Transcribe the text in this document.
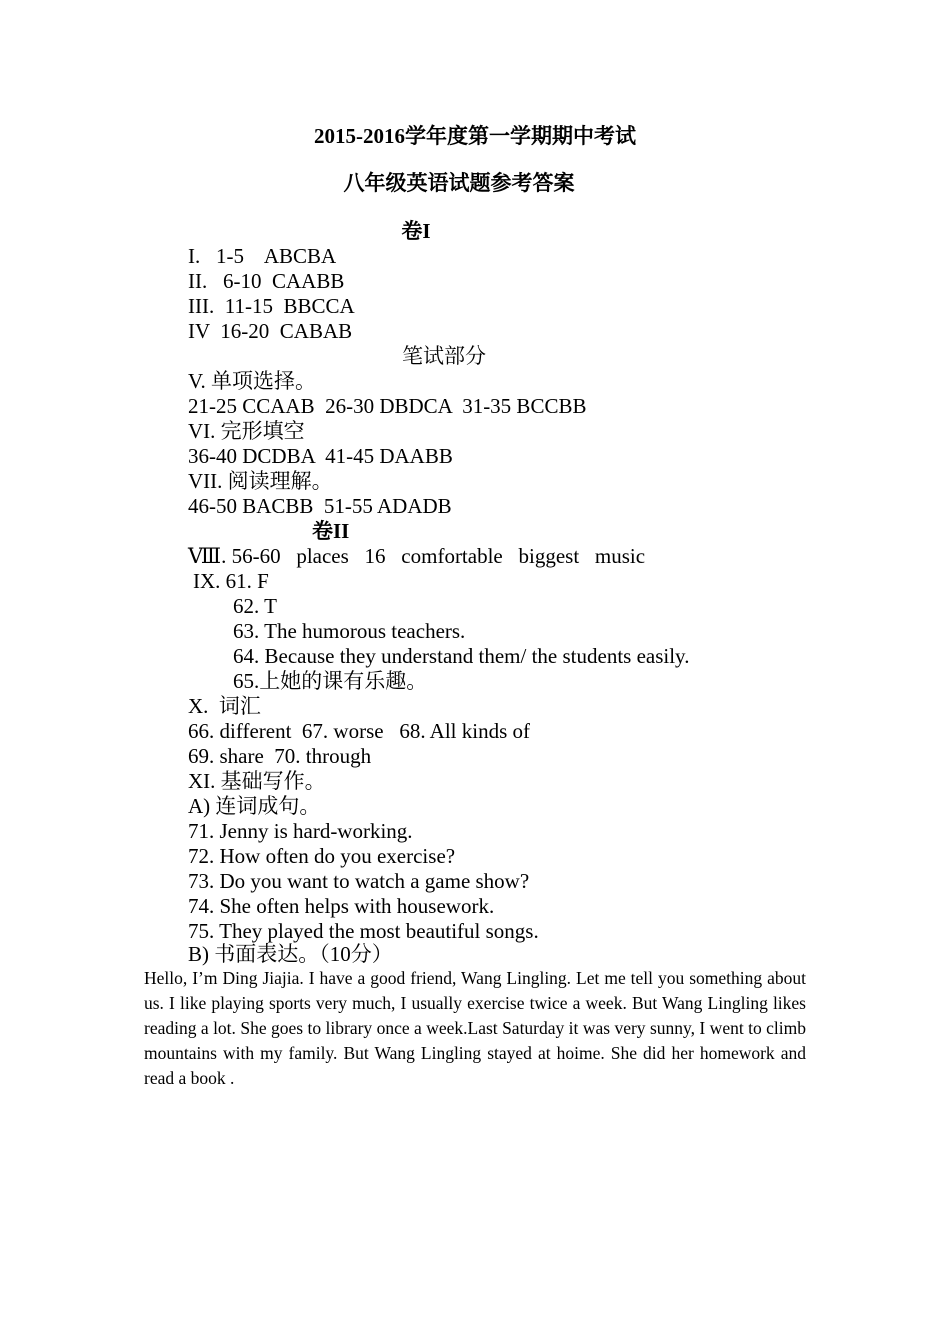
2015-2016学年度第一学期期中考试
八年级英语试题参考答案
卷I
I.   1-5    ABCBA
II.   6-10  CAABB
III.  11-15  BBCCA
IV  16-20  CABAB
笔试部分
V. 单项选择。
21-25 CCAAB  26-30 DBDCA  31-35 BCCBB
VI. 完形填空
36-40 DCDBA  41-45 DAABB
VII. 阅读理解。
46-50 BACBB  51-55 ADADB
卷II
Ⅷ. 56-60   places   16   comfortable   biggest   music
IX. 61. F
62. T
63. The humorous teachers.
64. Because they understand them/ the students easily.
65.上她的课有乐趣。
X.  词汇
66. different  67. worse   68. All kinds of
69. share  70. through
XI. 基础写作。
A) 连词成句。
71. Jenny is hard-working.
72. How often do you exercise?
73. Do you want to watch a game show?
74. She often helps with housework.
75. They played the most beautiful songs.
B) 书面表达。（10分）
Hello, I’m Ding Jiajia. I have a good friend, Wang Lingling. Let me tell you something about us. I like playing sports very much, I usually exercise twice a week. But Wang Lingling likes reading a lot. She goes to library once a week.Last Saturday it was very sunny, I went to climb mountains with my family. But Wang Lingling stayed at hoime. She did her homework and read a book .
